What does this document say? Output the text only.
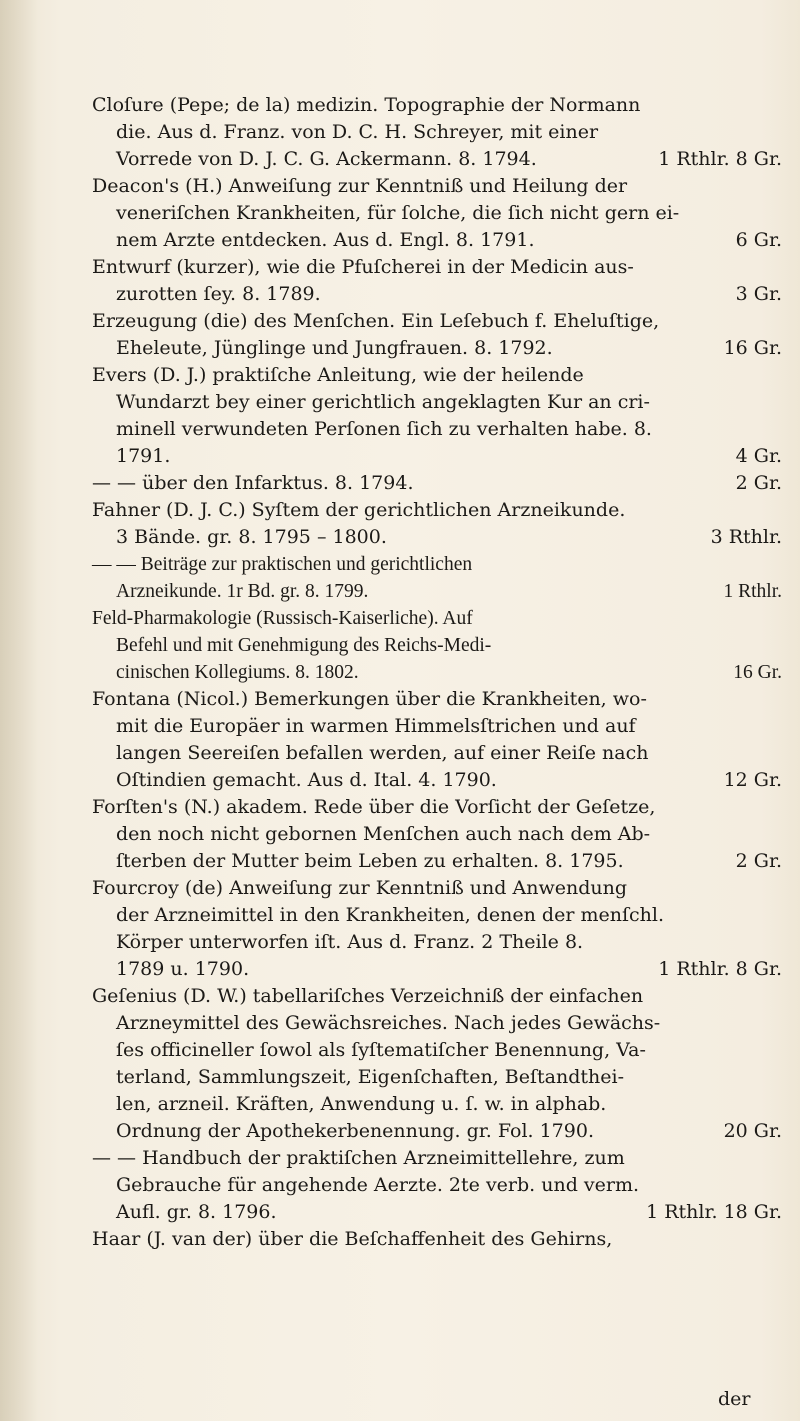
Cloſure (Pepe; de la) medizin. Topographie der Normann
die. Aus d. Franz. von D. C. H. Schreyer, mit einer
1 Rthlr. 8 Gr.
Vorrede von D. J. C. G. Ackermann. 8. 1794.
Deacon's (H.) Anweiſung zur Kenntniß und Heilung der
veneriſchen Krankheiten, für ſolche, die ſich nicht gern ei-
6 Gr.
nem Arzte entdecken. Aus d. Engl. 8. 1791.
Entwurf (kurzer), wie die Pfuſcherei in der Medicin aus-
3 Gr.
zurotten ſey. 8. 1789.
Erzeugung (die) des Menſchen. Ein Leſebuch f. Eheluſtige,
16 Gr.
Eheleute, Jünglinge und Jungfrauen. 8. 1792.
Evers (D. J.) praktiſche Anleitung, wie der heilende
Wundarzt bey einer gerichtlich angeklagten Kur an cri-
minell verwundeten Perſonen ſich zu verhalten habe. 8.
4 Gr.
1791.
2 Gr.
— — über den Infarktus. 8. 1794.
Fahner (D. J. C.) Syſtem der gerichtlichen Arzneikunde.
3 Rthlr.
3 Bände. gr. 8. 1795 – 1800.
— — Beiträge zur praktischen und gerichtlichen
1 Rthlr.
Arzneikunde. 1r Bd. gr. 8. 1799.
Feld-Pharmakologie (Russisch-Kaiserliche). Auf
Befehl und mit Genehmigung des Reichs-Medi-
16 Gr.
cinischen Kollegiums. 8. 1802.
Fontana (Nicol.) Bemerkungen über die Krankheiten, wo-
mit die Europäer in warmen Himmelsſtrichen und auf
langen Seereiſen befallen werden, auf einer Reiſe nach
12 Gr.
Oſtindien gemacht. Aus d. Ital. 4. 1790.
Forſten's (N.) akadem. Rede über die Vorſicht der Geſetze,
den noch nicht gebornen Menſchen auch nach dem Ab-
2 Gr.
ſterben der Mutter beim Leben zu erhalten. 8. 1795.
Fourcroy (de) Anweiſung zur Kenntniß und Anwendung
der Arzneimittel in den Krankheiten, denen der menſchl.
Körper unterworfen iſt. Aus d. Franz. 2 Theile 8.
1 Rthlr. 8 Gr.
1789 u. 1790.
Geſenius (D. W.) tabellariſches Verzeichniß der einfachen
Arzneymittel des Gewächsreiches. Nach jedes Gewächs-
ſes officineller ſowol als ſyſtematiſcher Benennung, Va-
terland, Sammlungszeit, Eigenſchaften, Beſtandthei-
len, arzneil. Kräften, Anwendung u. ſ. w. in alphab.
20 Gr.
Ordnung der Apothekerbenennung. gr. Fol. 1790.
— — Handbuch der praktiſchen Arzneimittellehre, zum
Gebrauche für angehende Aerzte. 2te verb. und verm.
1 Rthlr. 18 Gr.
Aufl. gr. 8. 1796.
Haar (J. van der) über die Beſchaffenheit des Gehirns,
der
